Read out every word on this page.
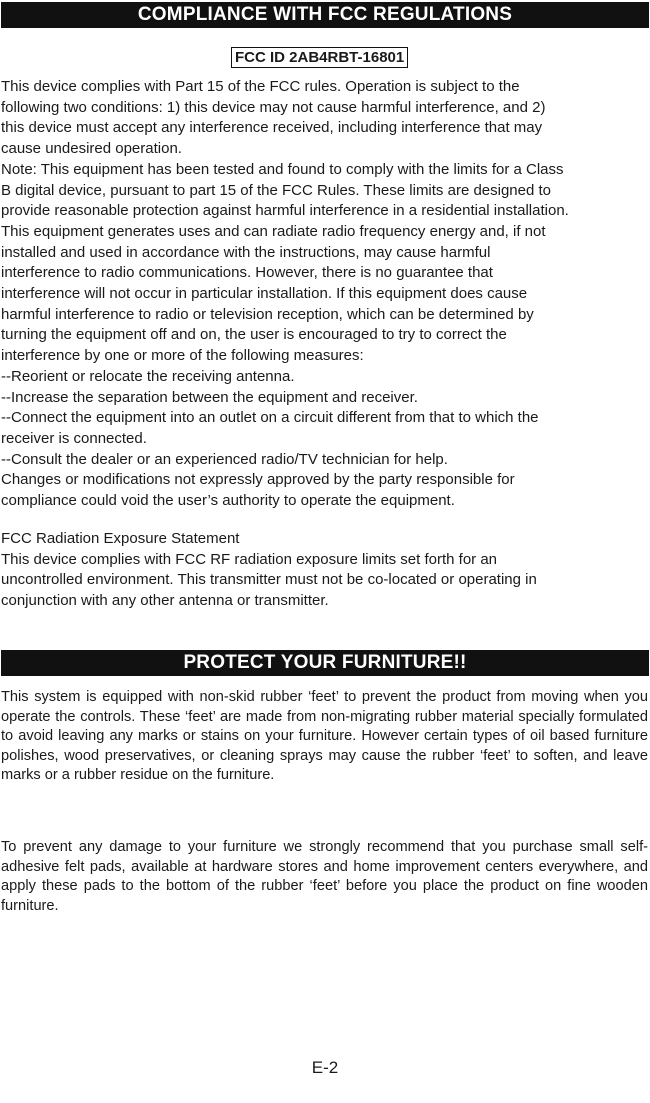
COMPLIANCE WITH FCC REGULATIONS
FCC ID 2AB4RBT-16801

This device complies with Part 15 of the FCC rules. Operation is subject to the

following two conditions: 1) this device may not cause harmful interference, and 2)

this device must accept any interference received, including interference that may

cause undesired operation.

Note: This equipment has been tested and found to comply with the limits for a Class

B digital device, pursuant to part 15 of the FCC Rules. These limits are designed to

provide reasonable protection against harmful interference in a residential installation.

This equipment generates uses and can radiate radio frequency energy and, if not

installed and used in accordance with the instructions, may cause harmful

interference to radio communications. However, there is no guarantee that

interference will not occur in particular installation. If this equipment does cause

harmful interference to radio or television reception, which can be determined by

turning the equipment off and on, the user is encouraged to try to correct the

interference by one or more of the following measures:

--Reorient or relocate the receiving antenna.

--Increase the separation between the equipment and receiver.

--Connect the equipment into an outlet on a circuit different from that to which the

receiver is connected.

--Consult the dealer or an experienced radio/TV technician for help.

Changes or modifications not expressly approved by the party responsible for

compliance could void the user’s authority to operate the equipment.

FCC Radiation Exposure Statement

This device complies with FCC RF radiation exposure limits set forth for an

uncontrolled environment. This transmitter must not be co-located or operating in

conjunction with any other antenna or transmitter.

PROTECT YOUR FURNITURE!!

This system is equipped with non-skid rubber ‘feet’ to prevent the product from moving when you operate the controls. These ‘feet’ are made from non-migrating rubber material specially formulated to avoid leaving any marks or stains on your furniture. However certain types of oil based furniture polishes, wood preservatives, or cleaning sprays may cause the rubber ‘feet’ to soften, and leave marks or a rubber residue on the furniture.

To prevent any damage to your furniture we strongly recommend that you purchase small self-adhesive felt pads, available at hardware stores and home improvement centers everywhere, and apply these pads to the bottom of the rubber ‘feet’ before you place the product on fine wooden furniture.

E-2
